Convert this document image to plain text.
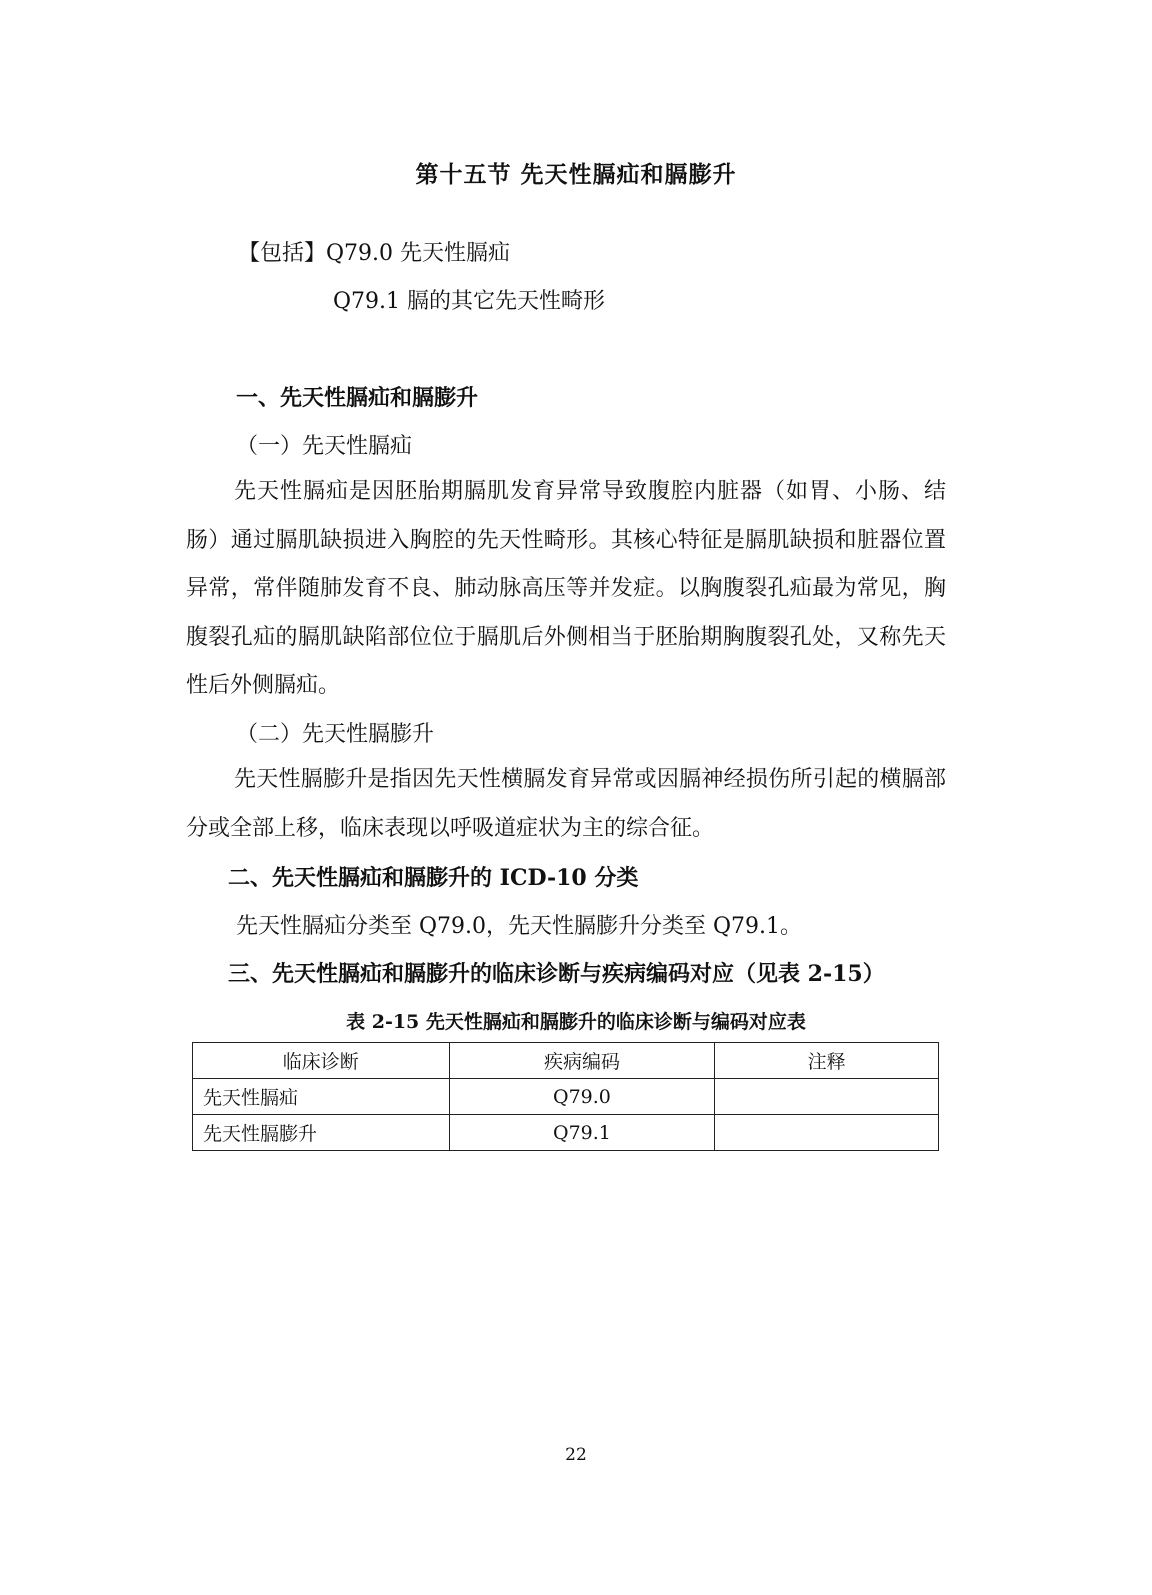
第十五节 先天性膈疝和膈膨升
【包括】Q79.0 先天性膈疝
Q79.1 膈的其它先天性畸形
一、先天性膈疝和膈膨升
（一）先天性膈疝

先天性膈疝是因胚胎期膈肌发育异常导致腹腔内脏器（如胃、小肠、结肠）通过膈肌缺损进入胸腔的先天性畸形。其核心特征是膈肌缺损和脏器位置异常，常伴随肺发育不良、肺动脉高压等并发症。以胸腹裂孔疝最为常见，胸腹裂孔疝的膈肌缺陷部位位于膈肌后外侧相当于胚胎期胸腹裂孔处，又称先天性后外侧膈疝。

（二）先天性膈膨升

先天性膈膨升是指因先天性横膈发育异常或因膈神经损伤所引起的横膈部分或全部上移，临床表现以呼吸道症状为主的综合征。

二、先天性膈疝和膈膨升的 ICD-10 分类
先天性膈疝分类至 Q79.0，先天性膈膨升分类至 Q79.1。
三、先天性膈疝和膈膨升的临床诊断与疾病编码对应（见表 2-15）
表 2-15 先天性膈疝和膈膨升的临床诊断与编码对应表
临床诊断	疾病编码	注释
先天性膈疝	Q79.0	
先天性膈膨升	Q79.1	
22
